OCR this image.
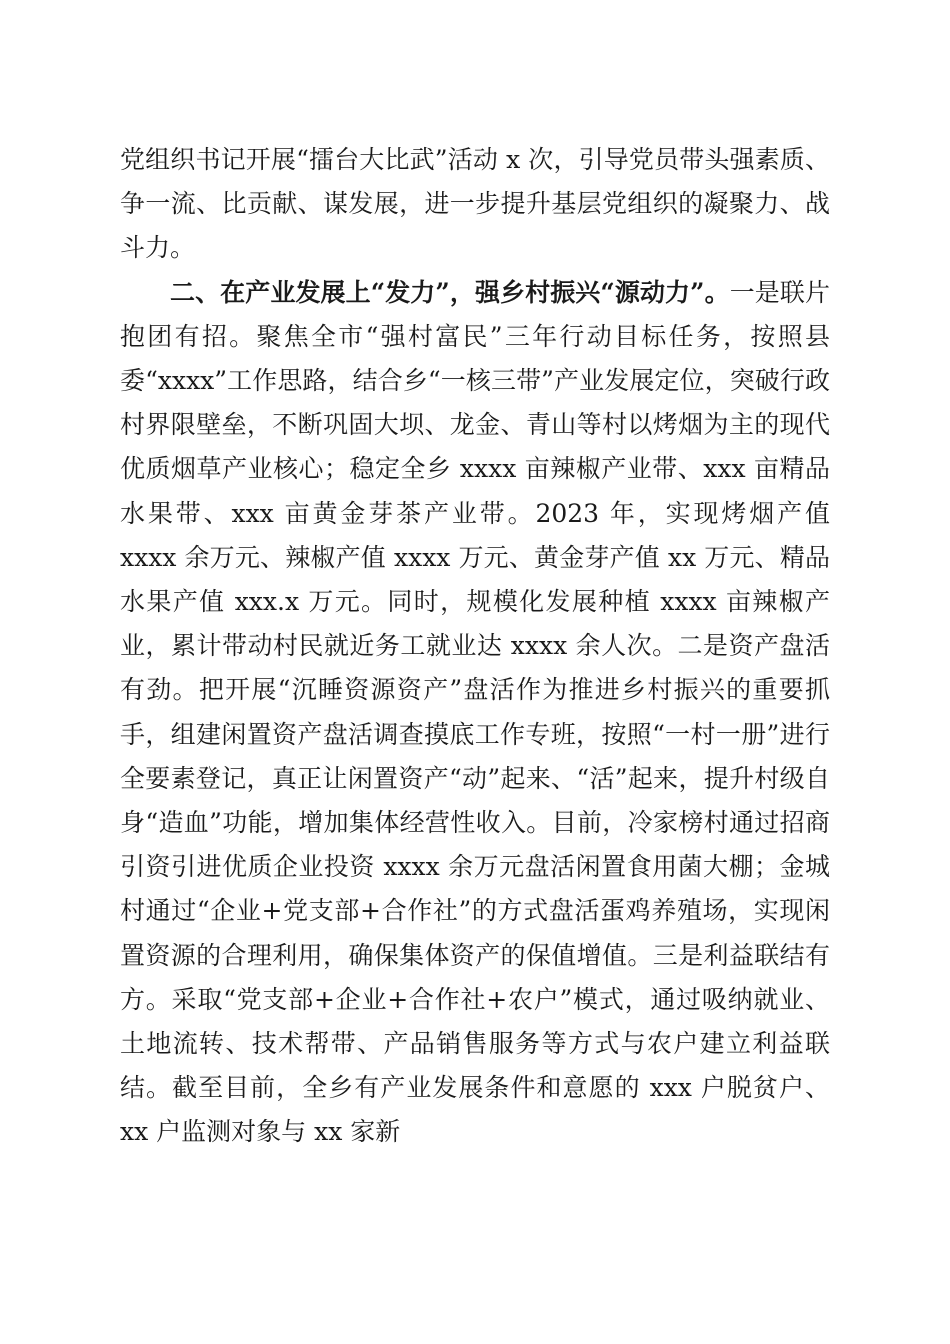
党组织书记开展“擂台大比武”活动 x 次，引导党员带头强素质、争一流、比贡献、谋发展，进一步提升基层党组织的凝聚力、战斗力。

二、在产业发展上“发力”，强乡村振兴“源动力”。一是联片抱团有招。聚焦全市“强村富民”三年行动目标任务，按照县委“xxxx”工作思路，结合乡“一核三带”产业发展定位，突破行政村界限壁垒，不断巩固大坝、龙金、青山等村以烤烟为主的现代优质烟草产业核心；稳定全乡 xxxx 亩辣椒产业带、xxx 亩精品水果带、xxx 亩黄金芽茶产业带。2023 年，实现烤烟产值 xxxx 余万元、辣椒产值 xxxx 万元、黄金芽产值 xx 万元、精品水果产值 xxx.x 万元。同时，规模化发展种植 xxxx 亩辣椒产业，累计带动村民就近务工就业达 xxxx 余人次。二是资产盘活有劲。把开展“沉睡资源资产”盘活作为推进乡村振兴的重要抓手，组建闲置资产盘活调查摸底工作专班，按照“一村一册”进行全要素登记，真正让闲置资产“动”起来、“活”起来，提升村级自身“造血”功能，增加集体经营性收入。目前，冷家榜村通过招商引资引进优质企业投资 xxxx 余万元盘活闲置食用菌大棚；金城村通过“企业+党支部+合作社”的方式盘活蛋鸡养殖场，实现闲置资源的合理利用，确保集体资产的保值增值。三是利益联结有方。采取“党支部+企业+合作社+农户”模式，通过吸纳就业、土地流转、技术帮带、产品销售服务等方式与农户建立利益联结。截至目前，全乡有产业发展条件和意愿的 xxx 户脱贫户、xx 户监测对象与 xx 家新
